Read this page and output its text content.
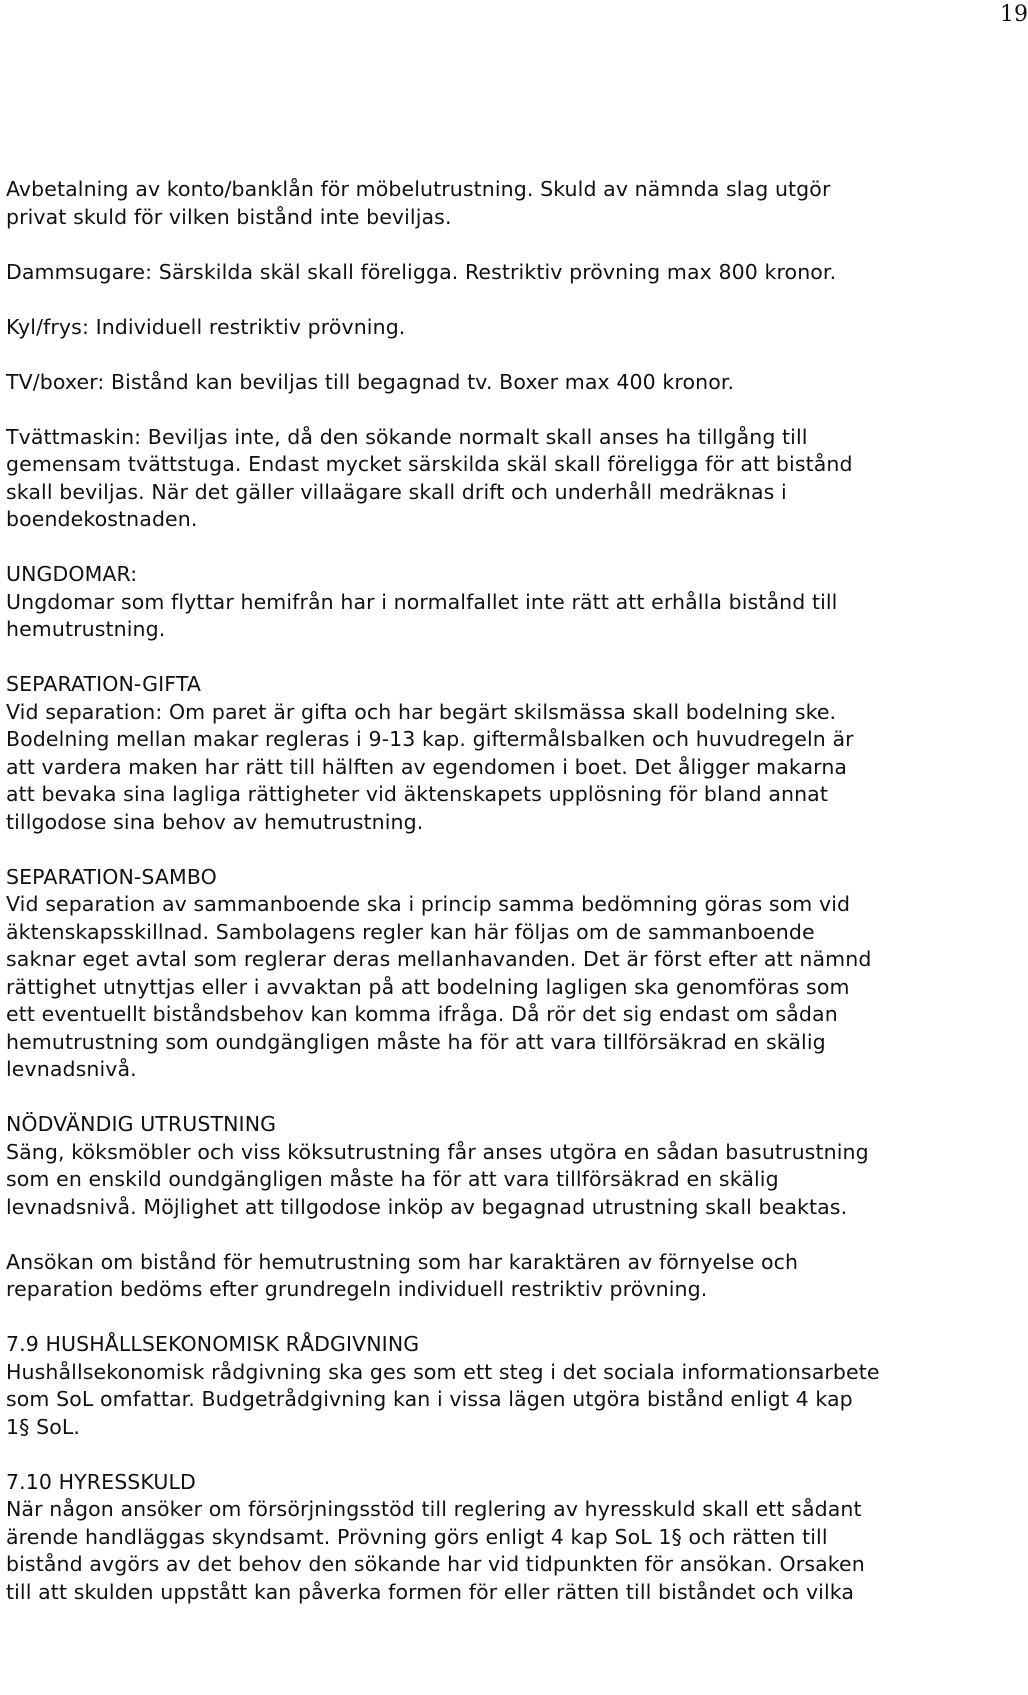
19
Avbetalning av konto/banklån för möbelutrustning. Skuld av nämnda slag utgör
privat skuld för vilken bistånd inte beviljas.
Dammsugare: Särskilda skäl skall föreligga. Restriktiv prövning max 800 kronor.
Kyl/frys: Individuell restriktiv prövning.
TV/boxer: Bistånd kan beviljas till begagnad tv. Boxer max 400 kronor.
Tvättmaskin: Beviljas inte, då den sökande normalt skall anses ha tillgång till
gemensam tvättstuga. Endast mycket särskilda skäl skall föreligga för att bistånd
skall beviljas. När det gäller villaägare skall drift och underhåll medräknas i
boendekostnaden.
UNGDOMAR:
Ungdomar som flyttar hemifrån har i normalfallet inte rätt att erhålla bistånd till
hemutrustning.
SEPARATION-GIFTA
Vid separation: Om paret är gifta och har begärt skilsmässa skall bodelning ske.
Bodelning mellan makar regleras i 9-13 kap. giftermålsbalken och huvudregeln är
att vardera maken har rätt till hälften av egendomen i boet. Det åligger makarna
att bevaka sina lagliga rättigheter vid äktenskapets upplösning för bland annat
tillgodose sina behov av hemutrustning.
SEPARATION-SAMBO
Vid separation av sammanboende ska i princip samma bedömning göras som vid
äktenskapsskillnad. Sambolagens regler kan här följas om de sammanboende
saknar eget avtal som reglerar deras mellanhavanden. Det är först efter att nämnd
rättighet utnyttjas eller i avvaktan på att bodelning lagligen ska genomföras som
ett eventuellt biståndsbehov kan komma ifråga. Då rör det sig endast om sådan
hemutrustning som oundgängligen måste ha för att vara tillförsäkrad en skälig
levnadsnivå.
NÖDVÄNDIG UTRUSTNING
Säng, köksmöbler och viss köksutrustning får anses utgöra en sådan basutrustning
som en enskild oundgängligen måste ha för att vara tillförsäkrad en skälig
levnadsnivå. Möjlighet att tillgodose inköp av begagnad utrustning skall beaktas.
Ansökan om bistånd för hemutrustning som har karaktären av förnyelse och
reparation bedöms efter grundregeln individuell restriktiv prövning.
7.9 HUSHÅLLSEKONOMISK RÅDGIVNING
Hushållsekonomisk rådgivning ska ges som ett steg i det sociala informationsarbete
som SoL omfattar. Budgetrådgivning kan i vissa lägen utgöra bistånd enligt 4 kap
1§ SoL.
7.10 HYRESSKULD
När någon ansöker om försörjningsstöd till reglering av hyresskuld skall ett sådant
ärende handläggas skyndsamt. Prövning görs enligt 4 kap SoL 1§ och rätten till
bistånd avgörs av det behov den sökande har vid tidpunkten för ansökan. Orsaken
till att skulden uppstått kan påverka formen för eller rätten till biståndet och vilka
